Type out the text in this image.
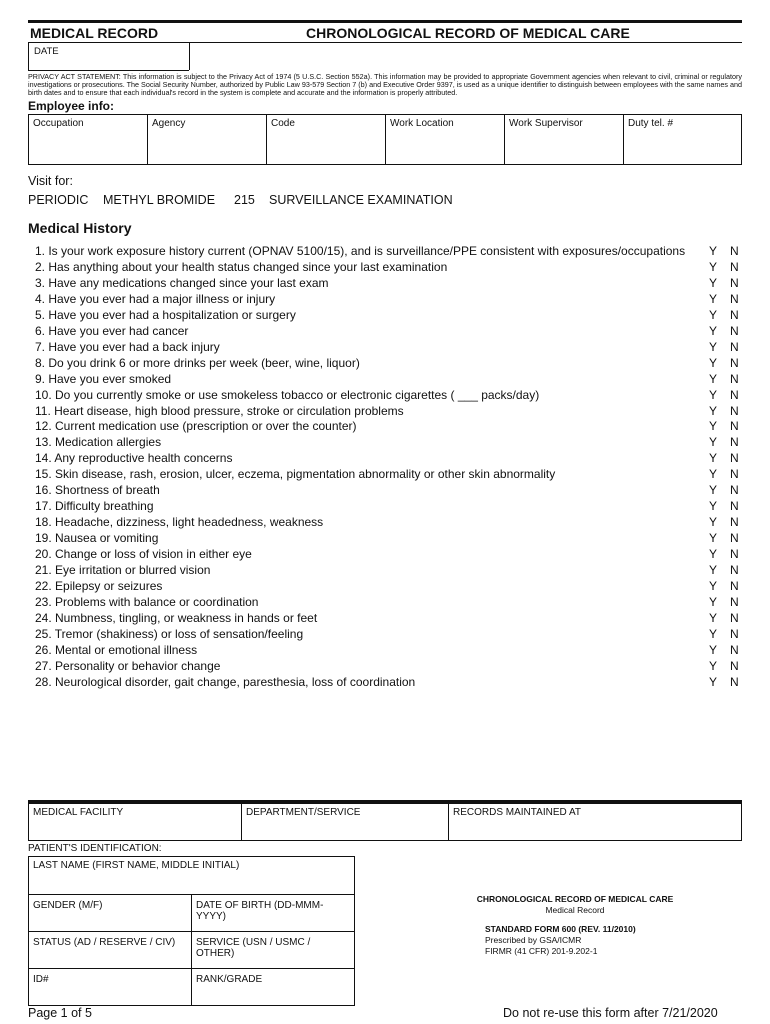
MEDICAL RECORD	CHRONOLOGICAL RECORD OF MEDICAL CARE
DATE
PRIVACY ACT STATEMENT: This information is subject to the Privacy Act of 1974 (5 U.S.C. Section 552a). This information may be provided to appropriate Government agencies when relevant to civil, criminal or regulatory investigations or prosecutions. The Social Security Number, authorized by Public Law 93-579 Section 7 (b) and Executive Order 9397, is used as a unique identifier to distinguish between employees with the same names and birth dates and to ensure that each individual's record in the system is complete and accurate and the information is properly attributed.
Employee info:
Occupation	Agency	Code	Work Location	Work Supervisor	Duty tel. #
Visit for:
PERIODIC METHYL BROMIDE 215 SURVEILLANCE EXAMINATION
Medical History
1. Is your work exposure history current (OPNAV 5100/15), and is surveillance/PPE consistent with exposures/occupations Y N
2. Has anything about your health status changed since your last examination	Y N
3. Have any medications changed since your last exam	Y N
4. Have you ever had a major illness or injury	Y N
5. Have you ever had a hospitalization or surgery	Y N
6. Have you ever had cancer	Y N
7. Have you ever had a back injury	Y N
8. Do you drink 6 or more drinks per week (beer, wine, liquor)	Y N
9. Have you ever smoked	Y N
10. Do you currently smoke or use smokeless tobacco or electronic cigarettes ( ___ packs/day)	Y N
11. Heart disease, high blood pressure, stroke or circulation problems	Y N
12. Current medication use (prescription or over the counter)	Y N
13. Medication allergies	Y N
14. Any reproductive health concerns	Y N
15. Skin disease, rash, erosion, ulcer, eczema, pigmentation abnormality or other skin abnormality	Y N
16. Shortness of breath	Y N
17. Difficulty breathing	Y N
18. Headache, dizziness, light headedness, weakness	Y N
19. Nausea or vomiting	Y N
20. Change or loss of vision in either eye	Y N
21. Eye irritation or blurred vision	Y N
22. Epilepsy or seizures	Y N
23. Problems with balance or coordination	Y N
24. Numbness, tingling, or weakness in hands or feet	Y N
25. Tremor (shakiness) or loss of sensation/feeling	Y N
26. Mental or emotional illness	Y N
27. Personality or behavior change	Y N
28. Neurological disorder, gait change, paresthesia, loss of coordination	Y N
MEDICAL FACILITY	DEPARTMENT/SERVICE	RECORDS MAINTAINED AT
PATIENT'S IDENTIFICATION:
LAST NAME (FIRST NAME, MIDDLE INITIAL)
GENDER (M/F)	DATE OF BIRTH (DD-MMM-YYYY)
STATUS (AD / RESERVE / CIV)	SERVICE (USN / USMC / OTHER)
ID#	RANK/GRADE
CHRONOLOGICAL RECORD OF MEDICAL CARE
Medical Record
STANDARD FORM 600 (REV. 11/2010)
Prescribed by GSA/ICMR
FIRMR (41 CFR) 201-9.202-1
Page 1 of 5	Do not re-use this form after 7/21/2020
